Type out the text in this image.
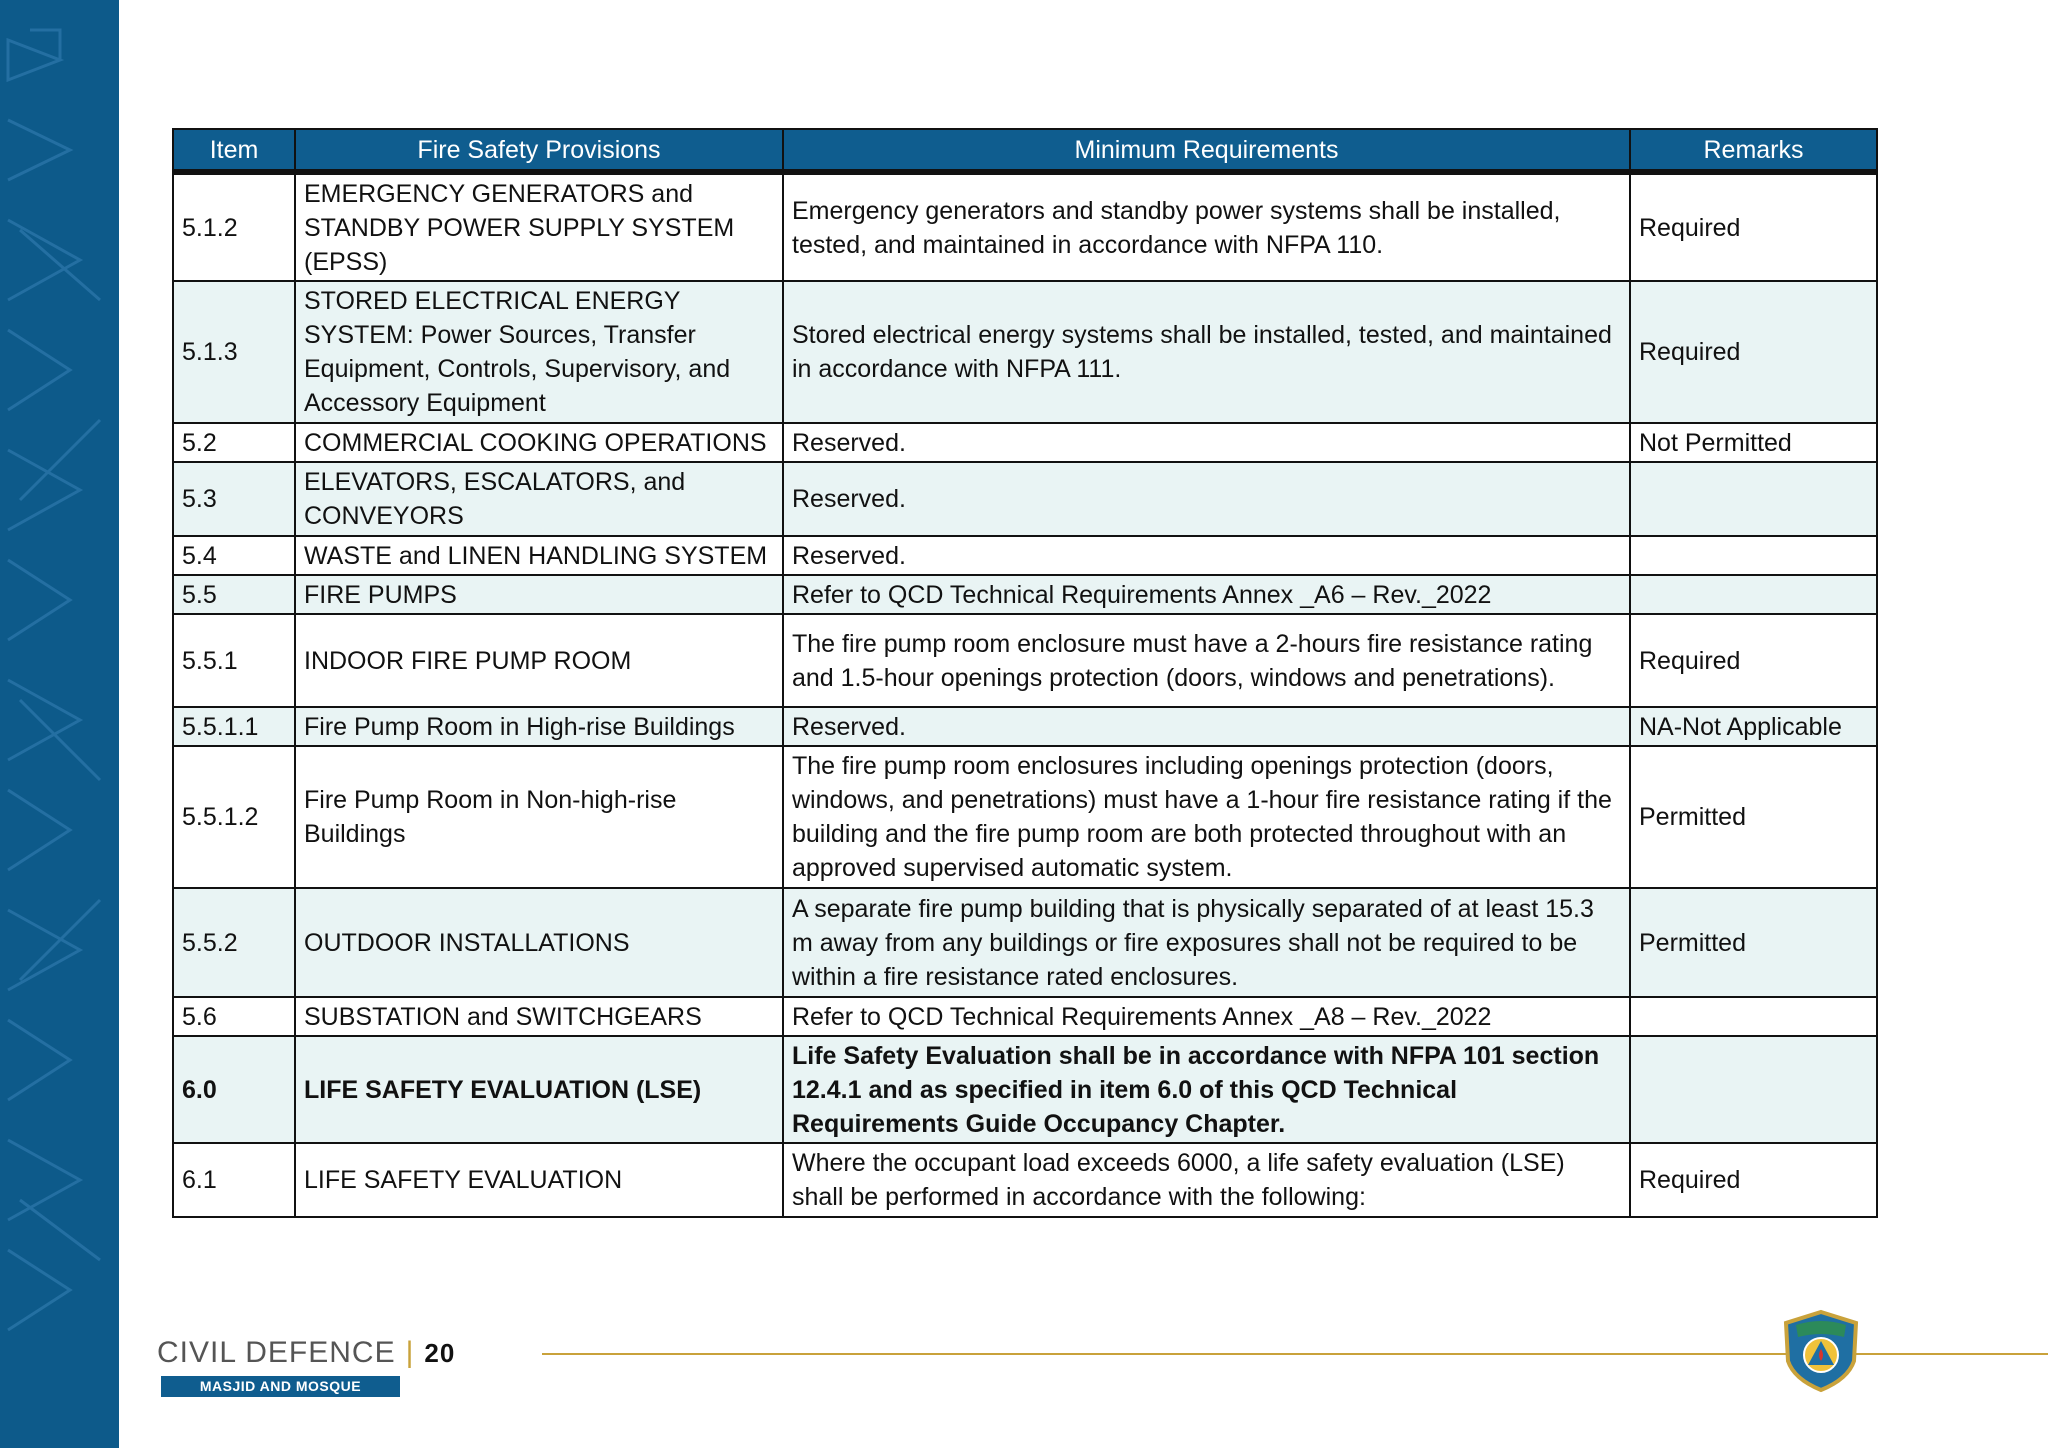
Item	Fire Safety Provisions	Minimum Requirements	Remarks
5.1.2	EMERGENCY GENERATORS and STANDBY POWER SUPPLY SYSTEM (EPSS)	Emergency generators and standby power systems shall be installed, tested, and maintained in accordance with NFPA 110.	Required
5.1.3	STORED ELECTRICAL ENERGY SYSTEM: Power Sources, Transfer Equipment, Controls, Supervisory, and Accessory Equipment	Stored electrical energy systems shall be installed, tested, and maintained in accordance with NFPA 111.	Required
5.2	COMMERCIAL COOKING OPERATIONS	Reserved.	Not Permitted
5.3	ELEVATORS, ESCALATORS, and CONVEYORS	Reserved.	
5.4	WASTE and LINEN HANDLING SYSTEM	Reserved.	
5.5	FIRE PUMPS	Refer to QCD Technical Requirements Annex _A6 – Rev._2022	
5.5.1	INDOOR FIRE PUMP ROOM	The fire pump room enclosure must have a 2-hours fire resistance rating and 1.5-hour openings protection (doors, windows and penetrations).	Required
5.5.1.1	Fire Pump Room in High-rise Buildings	Reserved.	NA-Not Applicable
5.5.1.2	Fire Pump Room in Non-high-rise Buildings	The fire pump room enclosures including openings protection (doors, windows, and penetrations) must have a 1-hour fire resistance rating if the building and the fire pump room are both protected throughout with an approved supervised automatic system.	Permitted
5.5.2	OUTDOOR INSTALLATIONS	A separate fire pump building that is physically separated of at least 15.3 m away from any buildings or fire exposures shall not be required to be within a fire resistance rated enclosures.	Permitted
5.6	SUBSTATION and SWITCHGEARS	Refer to QCD Technical Requirements Annex _A8 – Rev._2022	
6.0	LIFE SAFETY EVALUATION (LSE)	Life Safety Evaluation shall be in accordance with NFPA 101 section 12.4.1 and as specified in item 6.0 of this QCD Technical Requirements Guide Occupancy Chapter.	
6.1	LIFE SAFETY EVALUATION	Where the occupant load exceeds 6000, a life safety evaluation (LSE) shall be performed in accordance with the following:	Required
CIVIL DEFENCE | 20
MASJID AND MOSQUE
